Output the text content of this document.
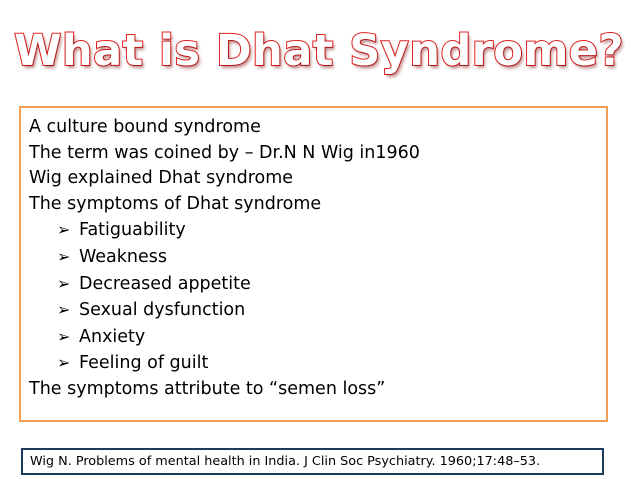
What is Dhat Syndrome?
A culture bound syndrome
The term was coined by – Dr.N N Wig in1960
Wig explained Dhat syndrome
The symptoms of Dhat syndrome
➢ Fatiguability
➢ Weakness
➢ Decreased appetite
➢ Sexual dysfunction
➢ Anxiety
➢ Feeling of guilt
The symptoms attribute to “semen loss”
Wig N. Problems of mental health in India. J Clin Soc Psychiatry. 1960;17:48–53.
